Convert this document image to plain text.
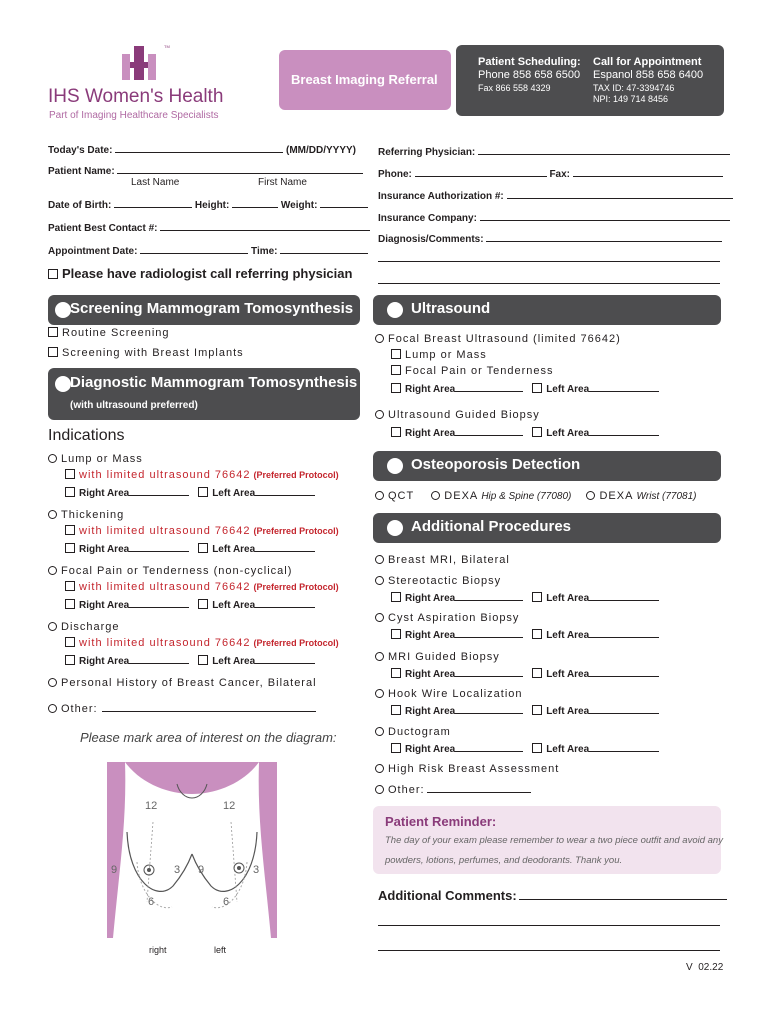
TM
IHS Women's Health
Part of Imaging Healthcare Specialists
Breast Imaging Referral
Patient Scheduling:
Phone 858 658 6500
Fax 866 558 4329
Call for Appointment
Espanol 858 658 6400
TAX ID: 47-3394746
NPI: 149 714 8456
Today's Date:	(MM/DD/YYYY)
Patient Name:
Last Name	First Name
Date of Birth:	Height:	Weight:
Patient Best Contact #:
Appointment Date:	Time:
Referring Physician:
Phone:	Fax:
Insurance Authorization #:
Insurance Company:
Diagnosis/Comments:
Please have radiologist call referring physician
Screening Mammogram Tomosynthesis
Routine Screening
Screening with Breast Implants
Diagnostic Mammogram Tomosynthesis
(with ultrasound preferred)
Indications
Lump or Mass
with limited ultrasound 76642 (Preferred Protocol)
Right Area	Left Area
Thickening
with limited ultrasound 76642 (Preferred Protocol)
Right Area	Left Area
Focal Pain or Tenderness (non-cyclical)
with limited ultrasound 76642 (Preferred Protocol)
Right Area	Left Area
Discharge
with limited ultrasound 76642 (Preferred Protocol)
Right Area	Left Area
Personal History of Breast Cancer, Bilateral
Other:
Please mark area of interest on the diagram:
12	12
9	3 9	3
6	6
right	left
Ultrasound
Focal Breast Ultrasound (limited 76642)
Lump or Mass
Focal Pain or Tenderness
Right Area	Left Area
Ultrasound Guided Biopsy
Right Area	Left Area
Osteoporosis Detection
QCT	DEXA Hip & Spine (77080)	DEXA Wrist (77081)
Additional Procedures
Breast MRI, Bilateral
Stereotactic Biopsy
Right Area	Left Area
Cyst Aspiration Biopsy
Right Area	Left Area
MRI Guided Biopsy
Right Area	Left Area
Hook Wire Localization
Right Area	Left Area
Ductogram
Right Area	Left Area
High Risk Breast Assessment
Other:
Patient Reminder:
The day of your exam please remember to wear a two piece outfit and avoid any
powders, lotions, perfumes, and deodorants. Thank you.
Additional Comments:
V  02.22
